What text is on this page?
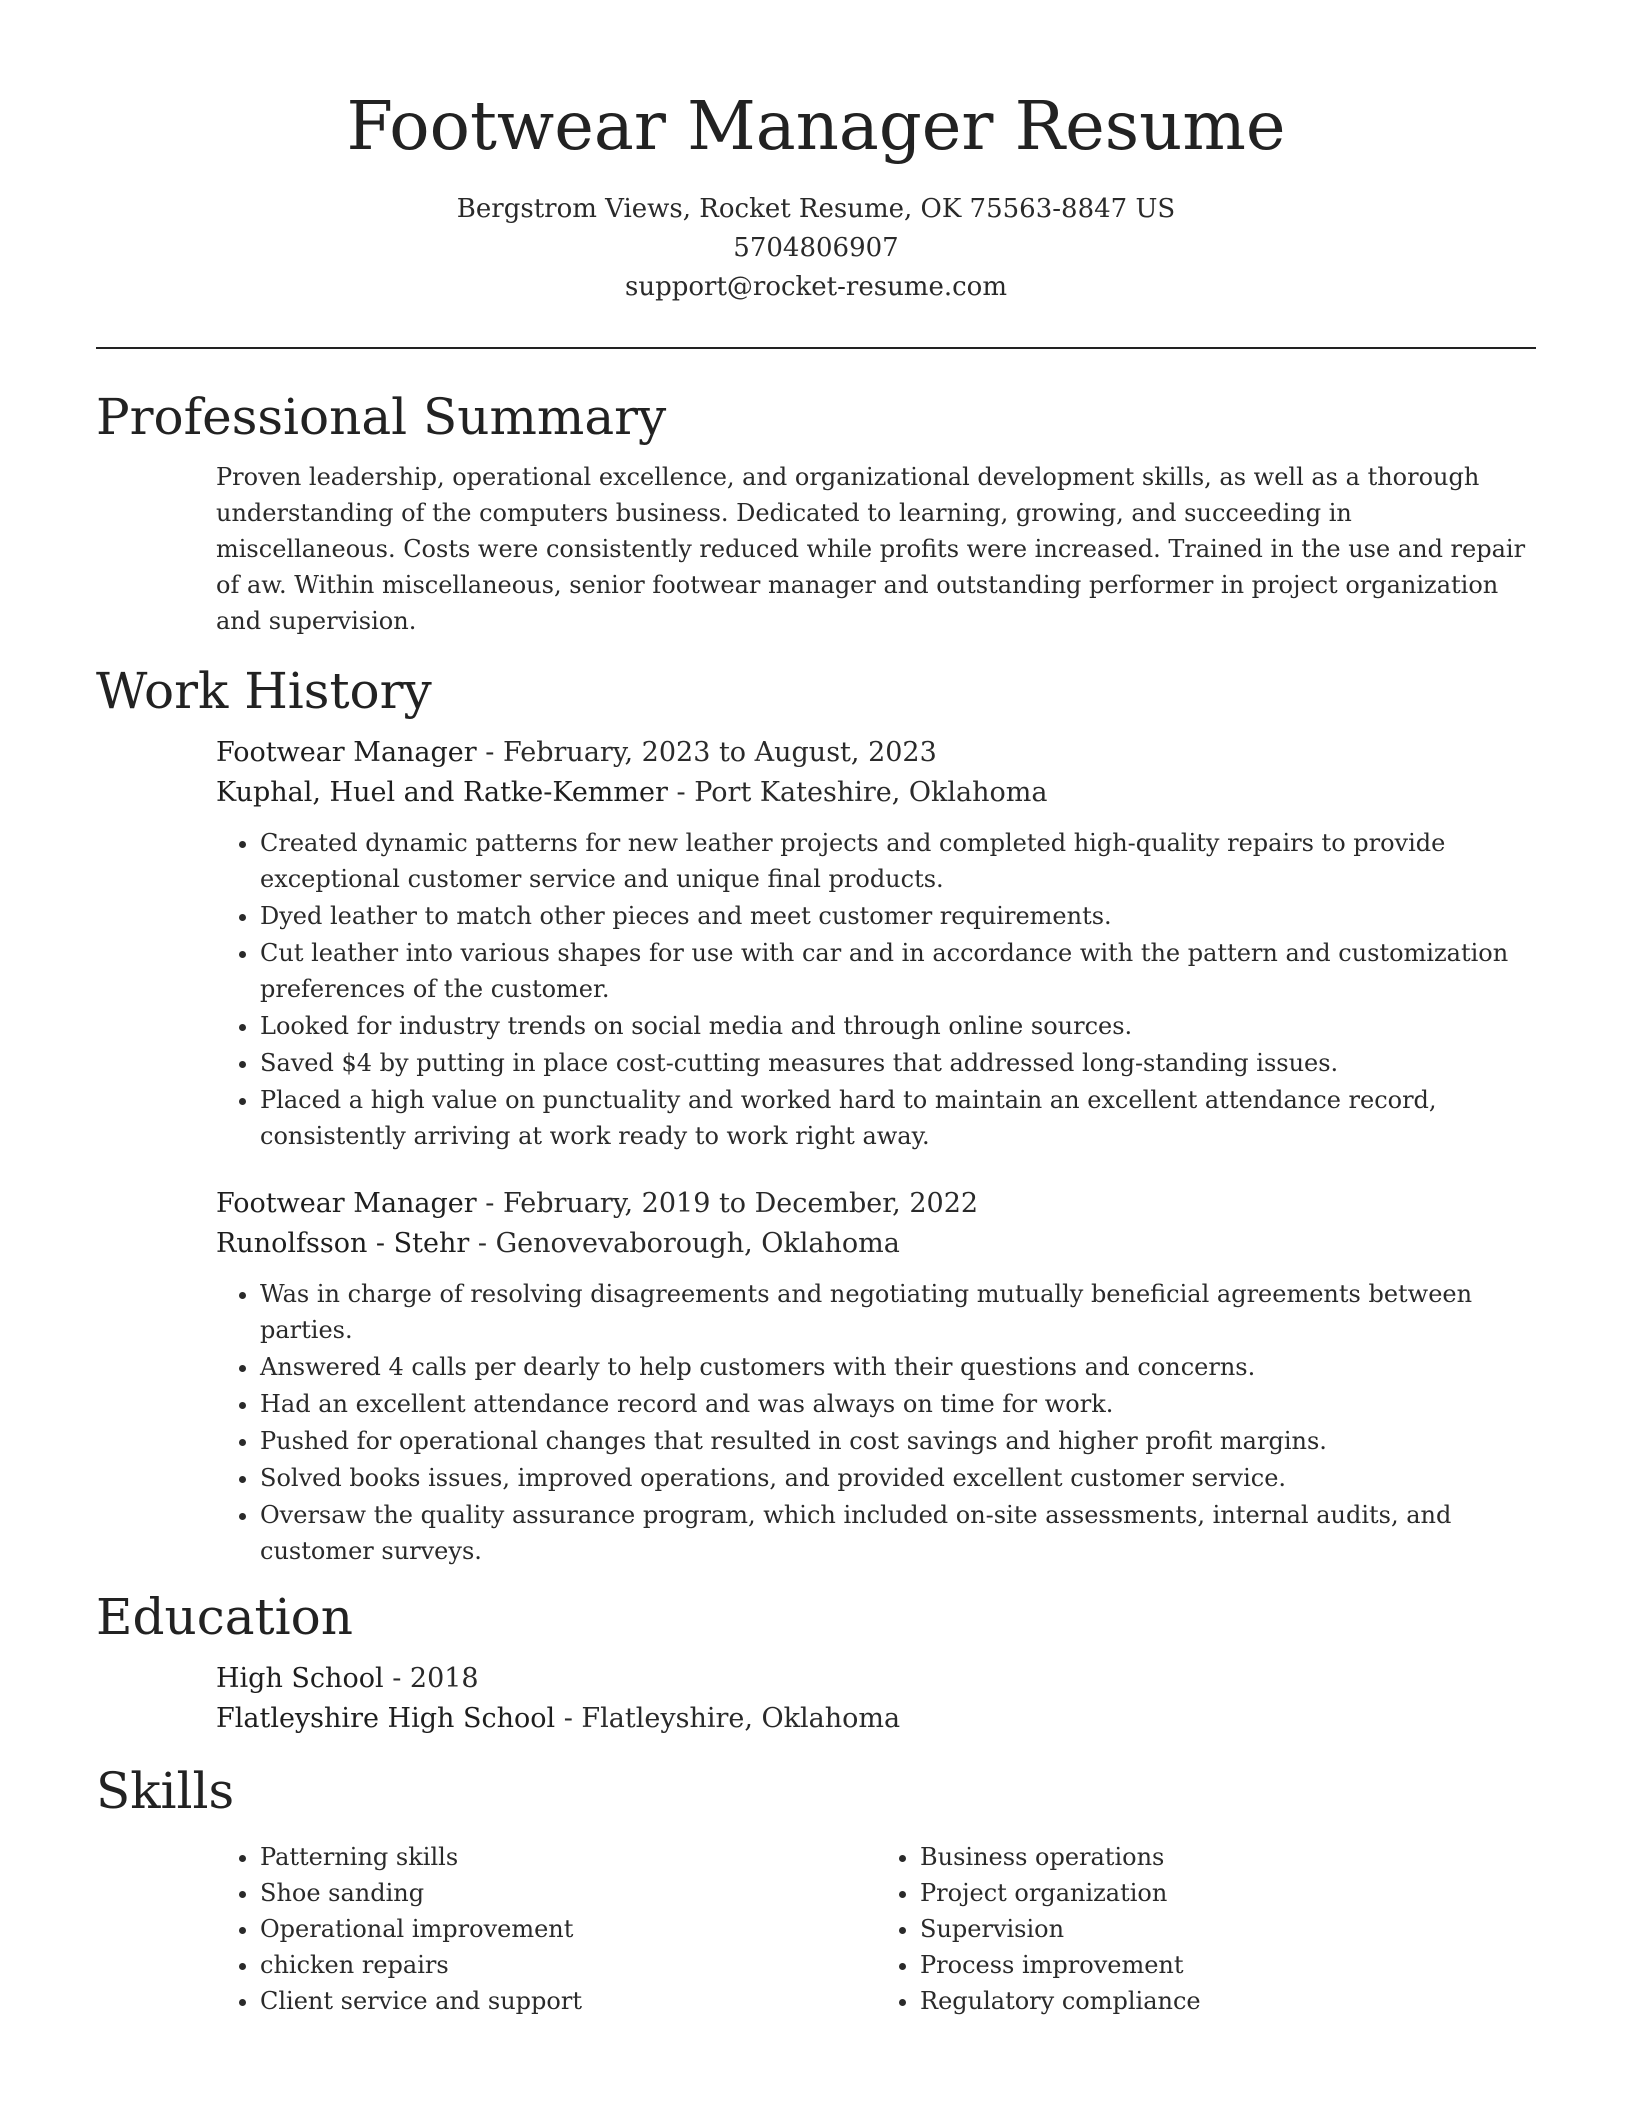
Footwear Manager Resume
Bergstrom Views, Rocket Resume, OK 75563-8847 US
5704806907
support@rocket-resume.com
Professional Summary
Proven leadership, operational excellence, and organizational development skills, as well as a thorough understanding of the computers business. Dedicated to learning, growing, and succeeding in miscellaneous. Costs were consistently reduced while profits were increased. Trained in the use and repair of aw. Within miscellaneous, senior footwear manager and outstanding performer in project organization and supervision.
Work History
Footwear Manager - February, 2023 to August, 2023
Kuphal, Huel and Ratke-Kemmer - Port Kateshire, Oklahoma
• Created dynamic patterns for new leather projects and completed high-quality repairs to provide exceptional customer service and unique final products.
• Dyed leather to match other pieces and meet customer requirements.
• Cut leather into various shapes for use with car and in accordance with the pattern and customization preferences of the customer.
• Looked for industry trends on social media and through online sources.
• Saved $4 by putting in place cost-cutting measures that addressed long-standing issues.
• Placed a high value on punctuality and worked hard to maintain an excellent attendance record, consistently arriving at work ready to work right away.
Footwear Manager - February, 2019 to December, 2022
Runolfsson - Stehr - Genovevaborough, Oklahoma
• Was in charge of resolving disagreements and negotiating mutually beneficial agreements between parties.
• Answered 4 calls per dearly to help customers with their questions and concerns.
• Had an excellent attendance record and was always on time for work.
• Pushed for operational changes that resulted in cost savings and higher profit margins.
• Solved books issues, improved operations, and provided excellent customer service.
• Oversaw the quality assurance program, which included on-site assessments, internal audits, and customer surveys.
Education
High School - 2018
Flatleyshire High School - Flatleyshire, Oklahoma
Skills
• Patterning skills
• Shoe sanding
• Operational improvement
• chicken repairs
• Client service and support
• Business operations
• Project organization
• Supervision
• Process improvement
• Regulatory compliance
